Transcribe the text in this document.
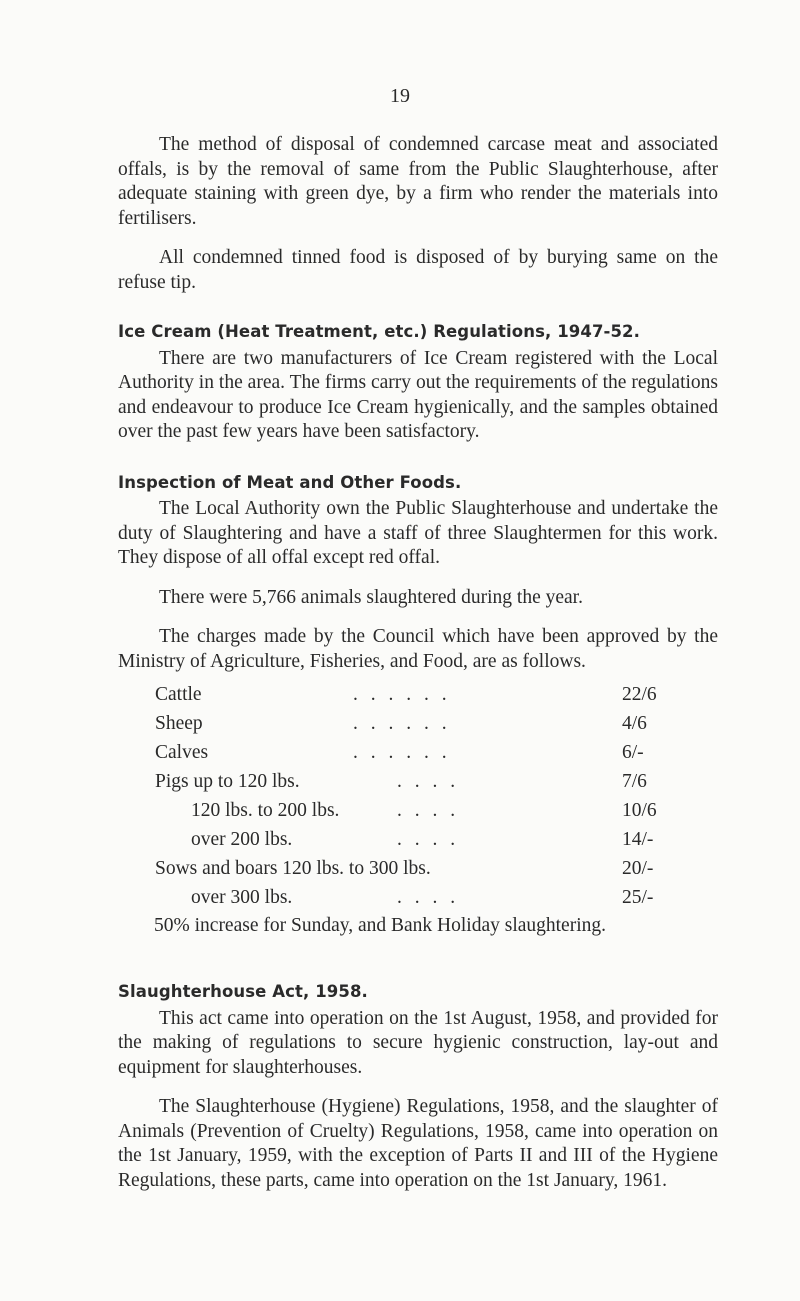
19

The method of disposal of condemned carcase meat and associated offals, is by the removal of same from the Public Slaughterhouse, after adequate staining with green dye, by a firm who render the materials into fertilisers.

All condemned tinned food is disposed of by burying same on the refuse tip.

Ice Cream (Heat Treatment, etc.) Regulations, 1947-52.

There are two manufacturers of Ice Cream registered with the Local Authority in the area. The firms carry out the requirements of the regulations and endeavour to produce Ice Cream hygienically, and the samples obtained over the past few years have been satisfactory.

Inspection of Meat and Other Foods.

The Local Authority own the Public Slaughterhouse and undertake the duty of Slaughtering and have a staff of three Slaughtermen for this work. They dispose of all offal except red offal.

There were 5,766 animals slaughtered during the year.

The charges made by the Council which have been approved by the Ministry of Agriculture, Fisheries, and Food, are as follows.

Cattle	. . . . . .	22/6
Sheep	. . . . . .	4/6
Calves	. . . . . .	6/-
Pigs up to 120 lbs.	. . . .	7/6
120 lbs. to 200 lbs.	. . . .	10/6
over 200 lbs.	. . . .	14/-
Sows and boars 120 lbs. to 300 lbs.	20/-
over 300 lbs.	. . . .	25/-
50% increase for Sunday, and Bank Holiday slaughtering.
Slaughterhouse Act, 1958.

This act came into operation on the 1st August, 1958, and provided for the making of regulations to secure hygienic construction, lay-out and equipment for slaughterhouses.

The Slaughterhouse (Hygiene) Regulations, 1958, and the slaughter of Animals (Prevention of Cruelty) Regulations, 1958, came into operation on the 1st January, 1959, with the exception of Parts II and III of the Hygiene Regulations, these parts, came into operation on the 1st January, 1961.
